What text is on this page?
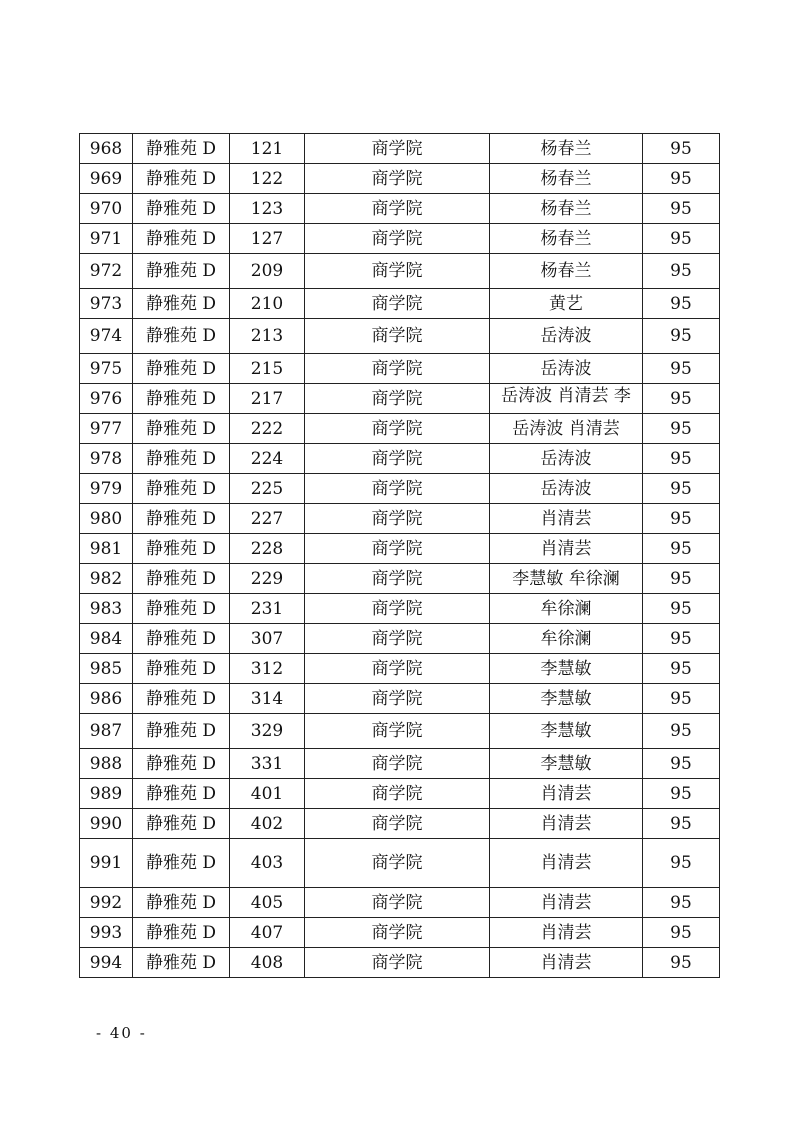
968	静雅苑 D	121	商学院	杨春兰	95
969	静雅苑 D	122	商学院	杨春兰	95
970	静雅苑 D	123	商学院	杨春兰	95
971	静雅苑 D	127	商学院	杨春兰	95
972	静雅苑 D	209	商学院	杨春兰	95
973	静雅苑 D	210	商学院	黄艺	95
974	静雅苑 D	213	商学院	岳涛波	95
975	静雅苑 D	215	商学院	岳涛波	95
976	静雅苑 D	217	商学院	岳涛波 肖清芸 李	95
977	静雅苑 D	222	商学院	岳涛波 肖清芸	95
978	静雅苑 D	224	商学院	岳涛波	95
979	静雅苑 D	225	商学院	岳涛波	95
980	静雅苑 D	227	商学院	肖清芸	95
981	静雅苑 D	228	商学院	肖清芸	95
982	静雅苑 D	229	商学院	李慧敏 牟徐澜	95
983	静雅苑 D	231	商学院	牟徐澜	95
984	静雅苑 D	307	商学院	牟徐澜	95
985	静雅苑 D	312	商学院	李慧敏	95
986	静雅苑 D	314	商学院	李慧敏	95
987	静雅苑 D	329	商学院	李慧敏	95
988	静雅苑 D	331	商学院	李慧敏	95
989	静雅苑 D	401	商学院	肖清芸	95
990	静雅苑 D	402	商学院	肖清芸	95
991	静雅苑 D	403	商学院	肖清芸	95
992	静雅苑 D	405	商学院	肖清芸	95
993	静雅苑 D	407	商学院	肖清芸	95
994	静雅苑 D	408	商学院	肖清芸	95
- 40 -
